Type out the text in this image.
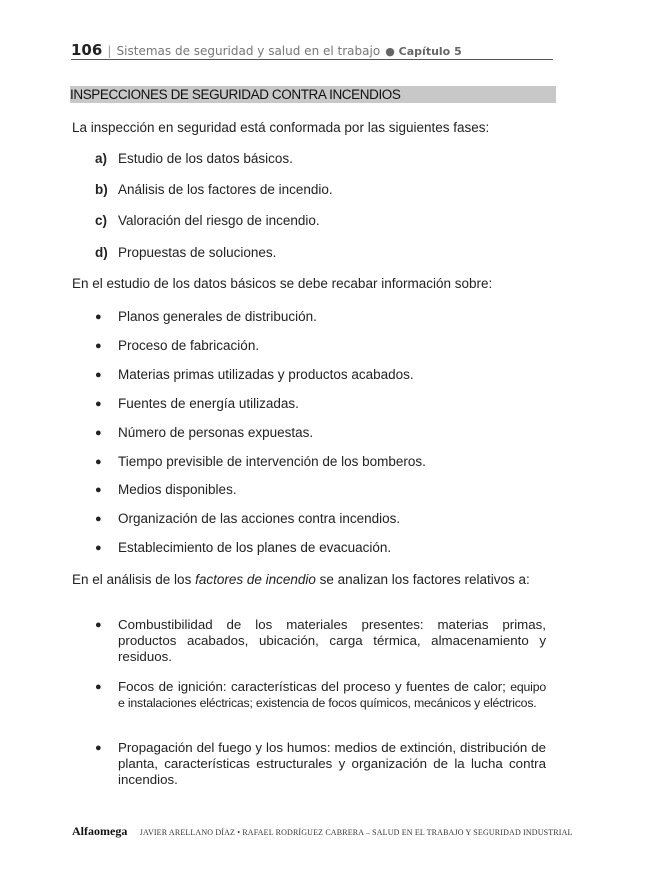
106 | Sistemas de seguridad y salud en el trabajo ● Capítulo 5
INSPECCIONES DE SEGURIDAD CONTRA INCENDIOS
La inspección en seguridad está conformada por las siguientes fases:
a) Estudio de los datos básicos.
b) Análisis de los factores de incendio.
c) Valoración del riesgo de incendio.
d) Propuestas de soluciones.
En el estudio de los datos básicos se debe recabar información sobre:
● Planos generales de distribución.
● Proceso de fabricación.
● Materias primas utilizadas y productos acabados.
● Fuentes de energía utilizadas.
● Número de personas expuestas.
● Tiempo previsible de intervención de los bomberos.
● Medios disponibles.
● Organización de las acciones contra incendios.
● Establecimiento de los planes de evacuación.
En el análisis de los factores de incendio se analizan los factores relativos a:
● Combustibilidad de los materiales presentes: materias primas, productos acabados, ubicación, carga térmica, almacenamiento y residuos.
● Focos de ignición: características del proceso y fuentes de calor; equipo e instalaciones eléctricas; existencia de focos químicos, mecánicos y eléctricos.
● Propagación del fuego y los humos: medios de extinción, distribución de planta, características estructurales y organización de la lucha contra incendios.
Alfaomega JAVIER ARELLANO DÍAZ • RAFAEL RODRÍGUEZ CABRERA – SALUD EN EL TRABAJO Y SEGURIDAD INDUSTRIAL
